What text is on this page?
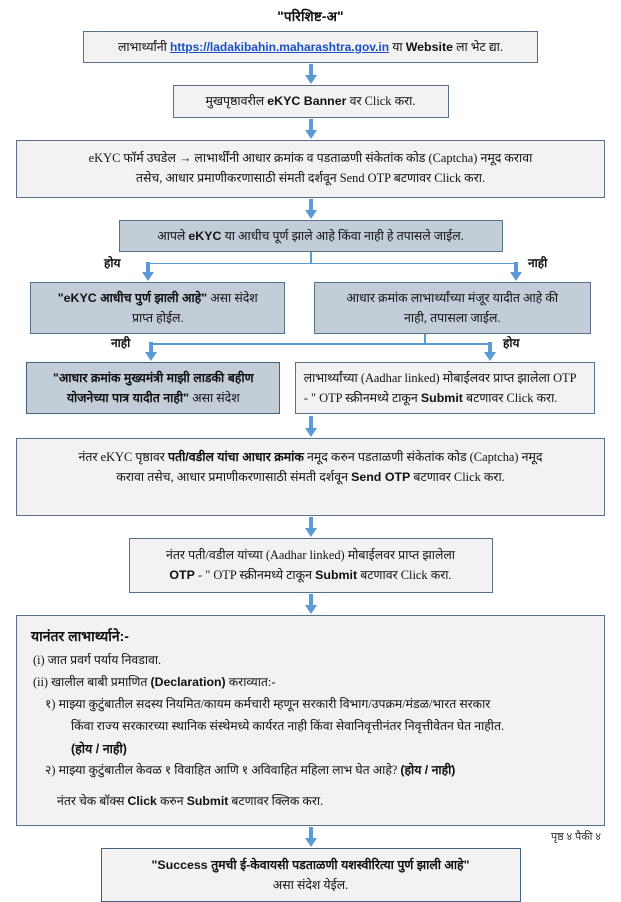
"परिशिष्ट-अ"
लाभार्थ्यांनी https://ladakibahin.maharashtra.gov.in या Website ला भेट द्या.
मुखपृष्ठावरील eKYC Banner वर Click करा.
eKYC फॉर्म उघडेल → लाभार्थींनी आधार क्रमांक व पडताळणी संकेतांक कोड (Captcha) नमूद करावा
तसेच, आधार प्रमाणीकरणासाठी संमती दर्शवून Send OTP बटणावर Click करा.
आपले eKYC या आधीच पूर्ण झाले आहे किंवा नाही हे तपासले जाईल.
होय	नाही
"eKYC आधीच पुर्ण झाली आहे" असा संदेश
प्राप्त होईल.
आधार क्रमांक लाभार्थ्यांच्या मंजूर यादीत आहे की
नाही, तपासला जाईल.
नाही	होय
"आधार क्रमांक मुख्यमंत्री माझी लाडकी बहीण
योजनेच्या पात्र यादीत नाही" असा संदेश
लाभार्थ्यांच्या (Aadhar linked) मोबाईलवर प्राप्त झालेला OTP
- " OTP स्क्रीनमध्ये टाकून Submit बटणावर Click करा.
नंतर eKYC पृष्ठावर पती/वडील यांचा आधार क्रमांक नमूद करुन पडताळणी संकेतांक कोड (Captcha) नमूद
करावा तसेच, आधार प्रमाणीकरणासाठी संमती दर्शवून Send OTP बटणावर Click करा.
नंतर पती/वडील यांच्या (Aadhar linked) मोबाईलवर प्राप्त झालेला
OTP - " OTP स्क्रीनमध्ये टाकून Submit बटणावर Click करा.
यानंतर लाभार्थ्याने:-
(i) जात प्रवर्ग पर्याय निवडावा.
(ii) खालील बाबी प्रमाणित (Declaration) कराव्यात:-
१) माझ्या कुटुंबातील सदस्य नियमित/कायम कर्मचारी म्हणून सरकारी विभाग/उपक्रम/मंडळ/भारत सरकार
किंवा राज्य सरकारच्या स्थानिक संस्थेमध्ये कार्यरत नाही किंवा सेवानिवृत्तीनंतर निवृत्तीवेतन घेत नाहीत.
(होय / नाही)
२) माझ्या कुटुंबातील केवळ १ विवाहित आणि १ अविवाहित महिला लाभ घेत आहे? (होय / नाही)
नंतर चेक बॉक्स Click करुन Submit बटणावर क्लिक करा.
"Success तुमची ई-केवायसी पडताळणी यशस्वीरित्या पुर्ण झाली आहे"
असा संदेश येईल.
पृष्ठ ४ पैकी ४
